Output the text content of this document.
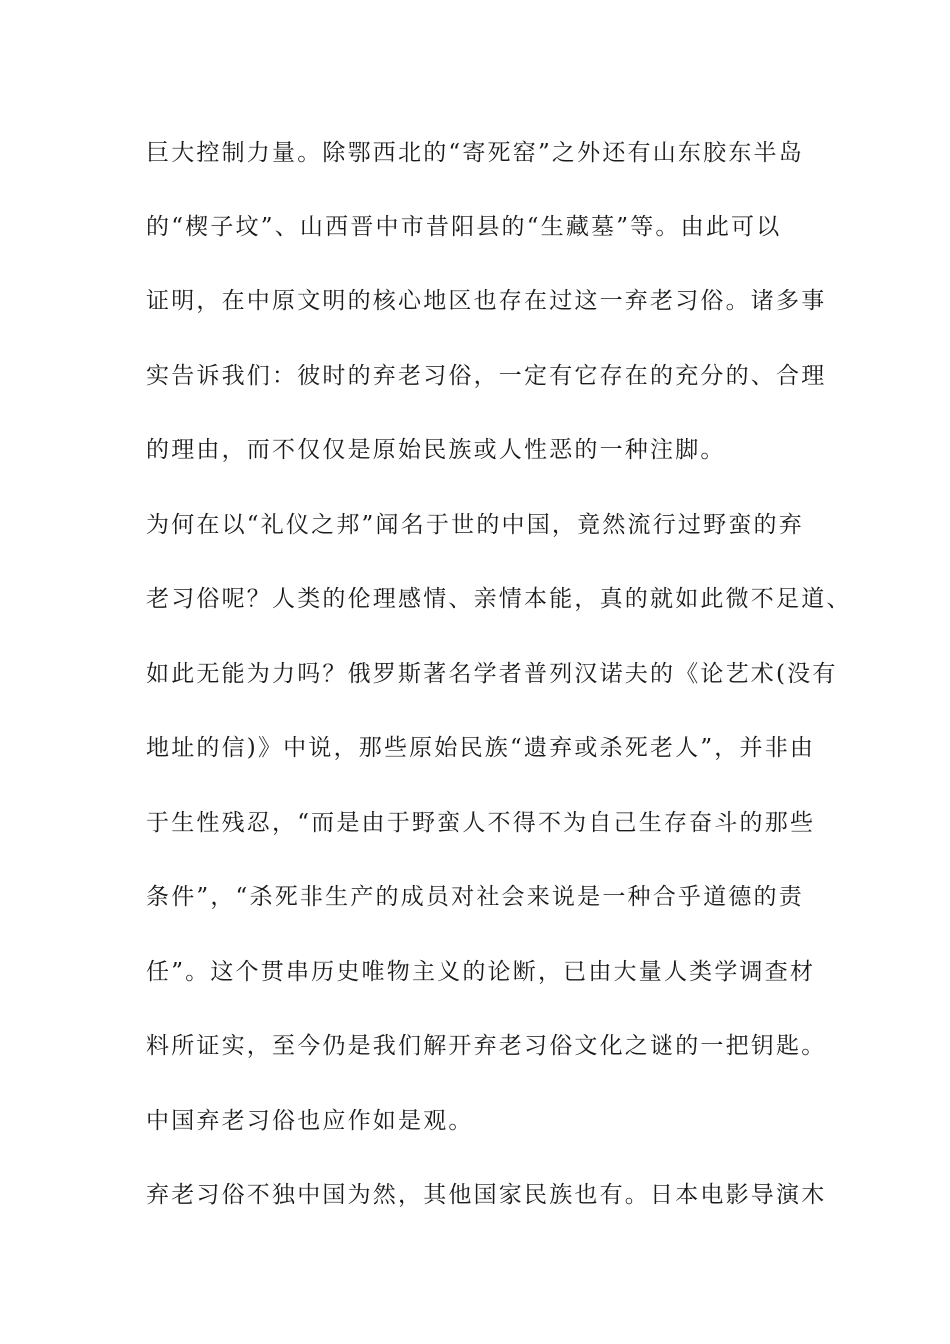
巨大控制力量。除鄂西北的“寄死窑”之外还有山东胶东半岛
的“楔子坟”、山西晋中市昔阳县的“生藏墓”等。由此可以
证明，在中原文明的核心地区也存在过这一弃老习俗。诸多事
实告诉我们：彼时的弃老习俗，一定有它存在的充分的、合理
的理由，而不仅仅是原始民族或人性恶的一种注脚。
为何在以“礼仪之邦”闻名于世的中国，竟然流行过野蛮的弃
老习俗呢？人类的伦理感情、亲情本能，真的就如此微不足道、
如此无能为力吗？俄罗斯著名学者普列汉诺夫的《论艺术(没有
地址的信)》中说，那些原始民族“遗弃或杀死老人”，并非由
于生性残忍，“而是由于野蛮人不得不为自己生存奋斗的那些
条件”，“杀死非生产的成员对社会来说是一种合乎道德的责
任”。这个贯串历史唯物主义的论断，已由大量人类学调查材
料所证实，至今仍是我们解开弃老习俗文化之谜的一把钥匙。
中国弃老习俗也应作如是观。
弃老习俗不独中国为然，其他国家民族也有。日本电影导演木
